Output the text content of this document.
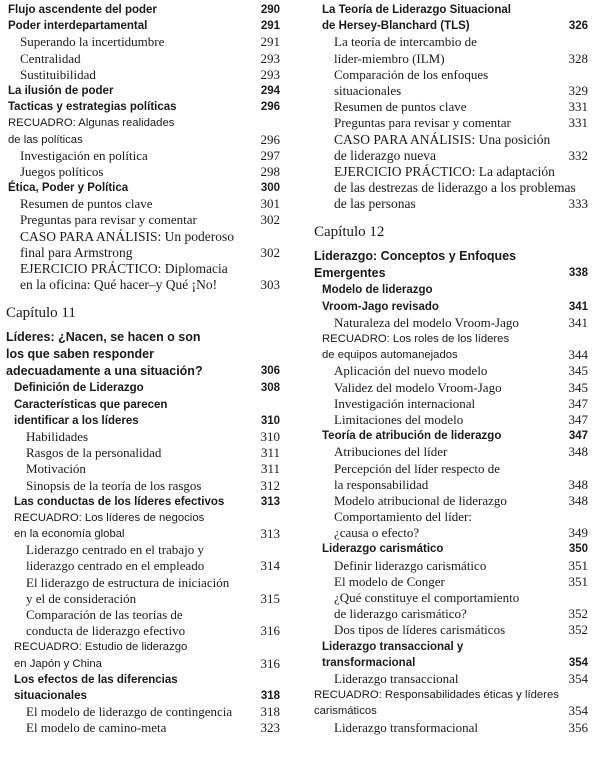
Flujo ascendente del poder	290
Poder interdepartamental	291
Superando la incertidumbre	291
Centralidad	293
Sustituibilidad	293
La ilusión de poder	294
Tacticas y estrategias políticas	296
RECUADRO: Algunas realidades
de las políticas	296
Investigación en política	297
Juegos políticos	298
Ética, Poder y Política	300
Resumen de puntos clave	301
Preguntas para revisar y comentar	302
CASO PARA ANÁLISIS: Un poderoso
final para Armstrong	302
EJERCICIO PRÁCTICO: Diplomacia
en la oficina: Qué hacer–y Qué ¡No!	303
Capítulo 11
Líderes: ¿Nacen, se hacen o son
los que saben responder
adecuadamente a una situación?	306
Definición de Liderazgo	308
Características que parecen
identificar a los líderes	310
Habilidades	310
Rasgos de la personalidad	311
Motivación	311
Sinopsis de la teoría de los rasgos	312
Las conductas de los líderes efectivos	313
RECUADRO: Los líderes de negocios
en la economía global	313
Liderazgo centrado en el trabajo y
liderazgo centrado en el empleado	314
El liderazgo de estructura de iniciación
y el de consideración	315
Comparación de las teorías de
conducta de liderazgo efectivo	316
RECUADRO: Estudio de liderazgo
en Japón y China	316
Los efectos de las diferencias
situacionales	318
El modelo de liderazgo de contingencia	318
El modelo de camino-meta	323
La Teoría de Liderazgo Situacional
de Hersey-Blanchard (TLS)	326
La teoría de intercambio de
líder-miembro (ILM)	328
Comparación de los enfoques
situacionales	329
Resumen de puntos clave	331
Preguntas para revisar y comentar	331
CASO PARA ANÁLISIS: Una posición
de liderazgo nueva	332
EJERCICIO PRÁCTICO: La adaptación
de las destrezas de liderazgo a los problemas
de las personas	333
Capítulo 12
Liderazgo: Conceptos y Enfoques
Emergentes	338
Modelo de liderazgo
Vroom-Jago revisado	341
Naturaleza del modelo Vroom-Jago	341
RECUADRO: Los roles de los líderes
de equipos automanejados	344
Aplicación del nuevo modelo	345
Validez del modelo Vroom-Jago	345
Investigación internacional	347
Limitaciones del modelo	347
Teoría de atribución de liderazgo	347
Atribuciones del líder	348
Percepción del líder respecto de
la responsabilidad	348
Modelo atribucional de liderazgo	348
Comportamiento del líder:
¿causa o efecto?	349
Liderazgo carismático	350
Definir liderazgo carismático	351
El modelo de Conger	351
¿Qué constituye el comportamiento
de liderazgo carismático?	352
Dos tipos de líderes carismáticos	352
Liderazgo transaccional y
transformacional	354
Liderazgo transaccional	354
RECUADRO: Responsabilidades éticas y líderes
carismáticos	354
Liderazgo transformacional	356
